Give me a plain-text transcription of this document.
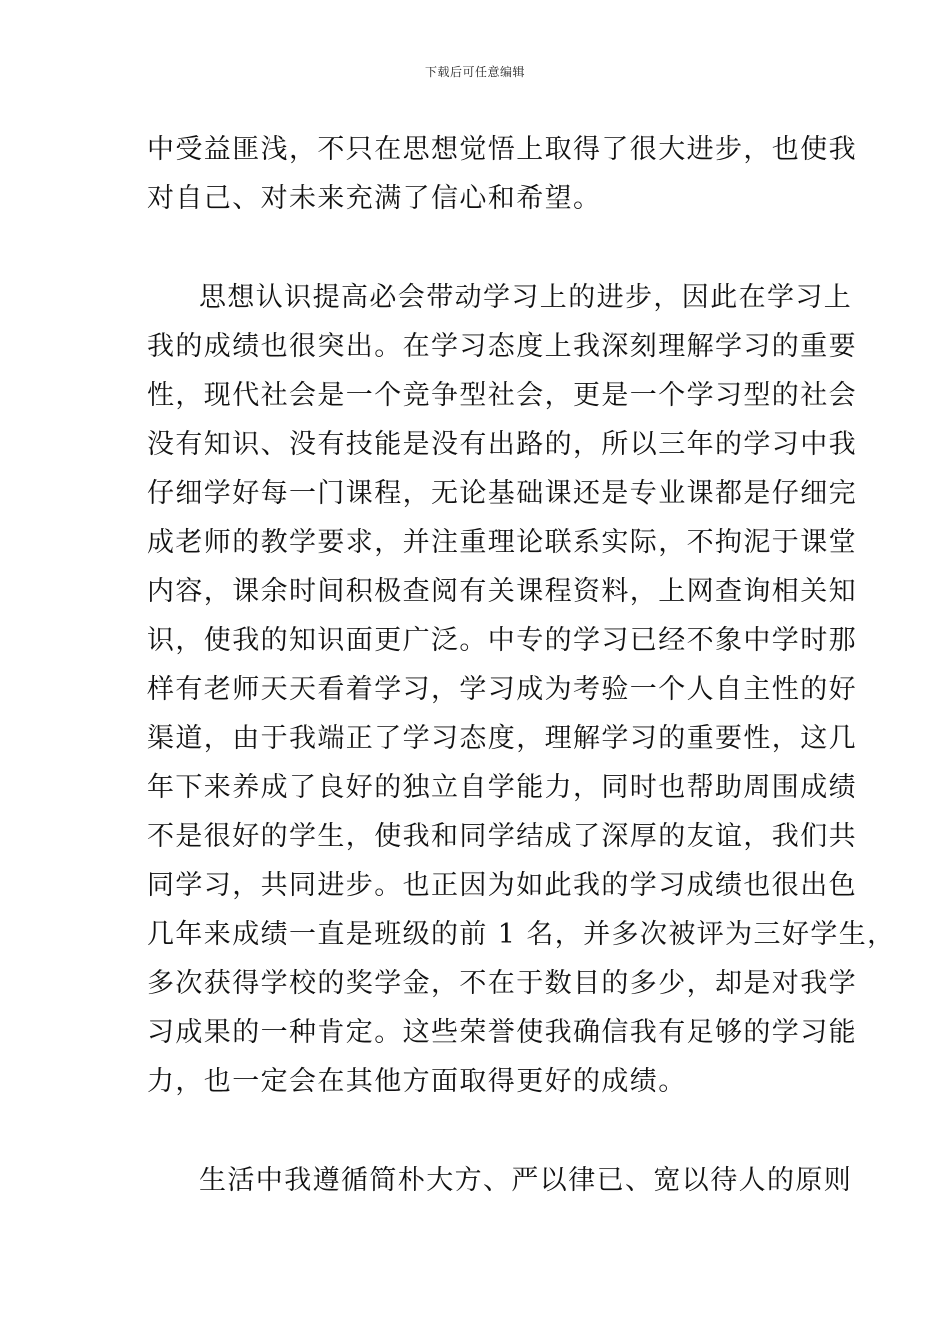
下载后可任意编辑
中受益匪浅，不只在思想觉悟上取得了很大进步，也使我
对自己、对未来充满了信心和希望。
思想认识提高必会带动学习上的进步，因此在学习上
我的成绩也很突出。在学习态度上我深刻理解学习的重要
性，现代社会是一个竞争型社会，更是一个学习型的社会
没有知识、没有技能是没有出路的，所以三年的学习中我
仔细学好每一门课程，无论基础课还是专业课都是仔细完
成老师的教学要求，并注重理论联系实际，不拘泥于课堂
内容，课余时间积极查阅有关课程资料，上网查询相关知
识，使我的知识面更广泛。中专的学习已经不象中学时那
样有老师天天看着学习，学习成为考验一个人自主性的好
渠道，由于我端正了学习态度，理解学习的重要性，这几
年下来养成了良好的独立自学能力，同时也帮助周围成绩
不是很好的学生，使我和同学结成了深厚的友谊，我们共
同学习，共同进步。也正因为如此我的学习成绩也很出色
几年来成绩一直是班级的前 1 名，并多次被评为三好学生，
多次获得学校的奖学金，不在于数目的多少，却是对我学
习成果的一种肯定。这些荣誉使我确信我有足够的学习能
力，也一定会在其他方面取得更好的成绩。
生活中我遵循简朴大方、严以律已、宽以待人的原则
